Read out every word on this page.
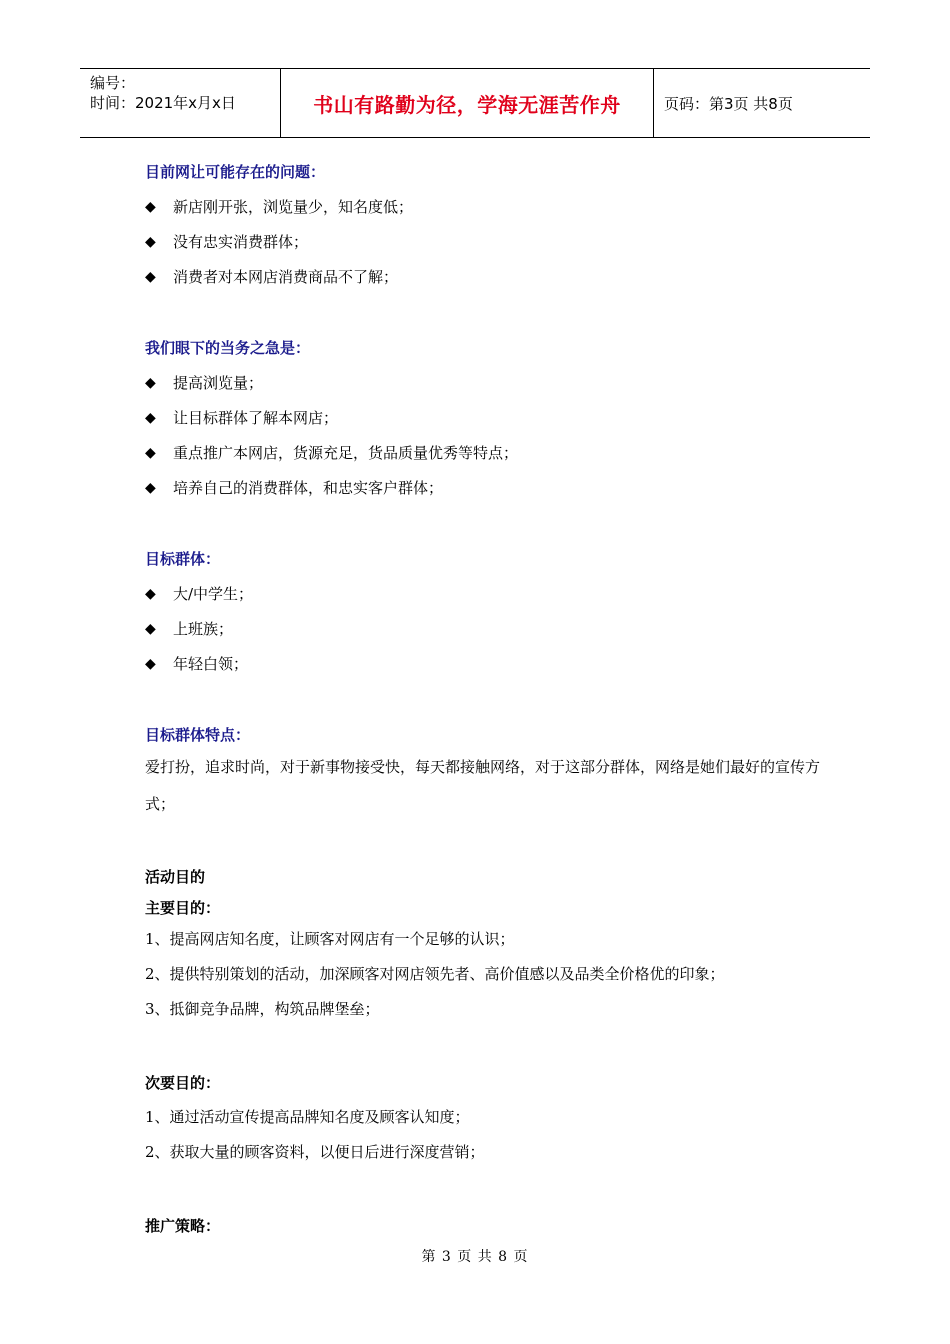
编号：
时间：2021年x月x日	书山有路勤为径，学海无涯苦作舟	页码：第3页 共8页
目前网让可能存在的问题：
◆	新店刚开张，浏览量少，知名度低；
◆	没有忠实消费群体；
◆	消费者对本网店消费商品不了解；
我们眼下的当务之急是：
◆	提高浏览量；
◆	让目标群体了解本网店；
◆	重点推广本网店，货源充足，货品质量优秀等特点；
◆	培养自己的消费群体，和忠实客户群体；
目标群体：
◆	大/中学生；
◆	上班族；
◆	年轻白领；
目标群体特点：
爱打扮，追求时尚，对于新事物接受快，每天都接触网络，对于这部分群体，网络是她们最好的宣传方式；
活动目的
主要目的：
1、提高网店知名度，让顾客对网店有一个足够的认识；
2、提供特别策划的活动，加深顾客对网店领先者、高价值感以及品类全价格优的印象；
3、抵御竞争品牌，构筑品牌堡垒；
次要目的：
1、通过活动宣传提高品牌知名度及顾客认知度；
2、获取大量的顾客资料，以便日后进行深度营销；
推广策略：
第 3 页 共 8 页
